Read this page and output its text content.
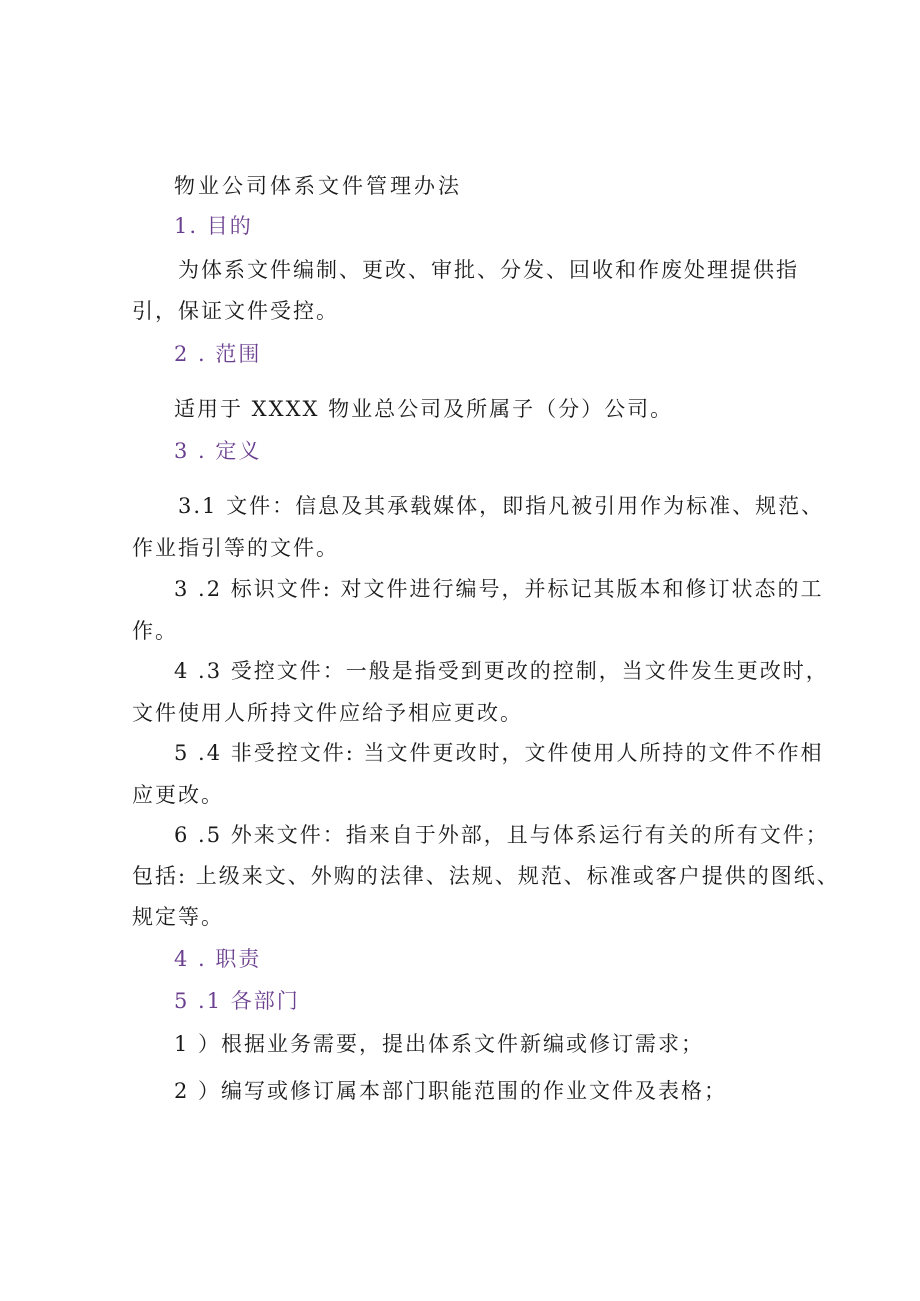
物业公司体系文件管理办法
1. 目的
为体系文件编制、更改、审批、分发、回收和作废处理提供指
引，保证文件受控。
2 . 范围
适用于 XXXX 物业总公司及所属子（分）公司。
3 . 定义
3.1 文件：信息及其承载媒体，即指凡被引用作为标准、规范、
作业指引等的文件。
3 .2 标识文件: 对文件进行编号，并标记其版本和修订状态的工
作。
4 .3 受控文件：一般是指受到更改的控制，当文件发生更改时，
文件使用人所持文件应给予相应更改。
5 .4 非受控文件: 当文件更改时，文件使用人所持的文件不作相
应更改。
6 .5 外来文件：指来自于外部，且与体系运行有关的所有文件；
包括: 上级来文、外购的法律、法规、规范、标准或客户提供的图纸、
规定等。
4 . 职责
5 .1 各部门
1 ）根据业务需要，提出体系文件新编或修订需求；
2 ）编写或修订属本部门职能范围的作业文件及表格；
